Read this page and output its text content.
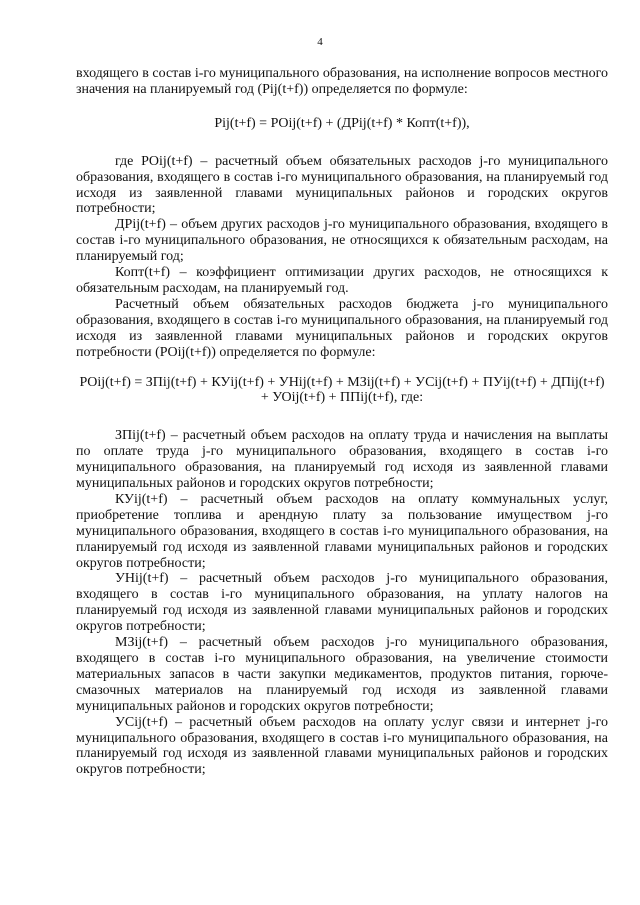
4

входящего в состав i-го муниципального образования, на исполнение вопросов местного значения на планируемый год (Pij(t+f)) определяется по формуле:

Pij(t+f) = POij(t+f) + (ДPij(t+f) * Копт(t+f)),

где POij(t+f) – расчетный объем обязательных расходов j-го муниципального образования, входящего в состав i-го муниципального образования, на планируемый год исходя из заявленной главами муниципальных районов и городских округов потребности;

ДPij(t+f) – объем других расходов j-го муниципального образования, входящего в состав i-го муниципального образования, не относящихся к обязательным расходам, на планируемый год;

Копт(t+f) – коэффициент оптимизации других расходов, не относящихся к обязательным расходам, на планируемый год.

Расчетный объем обязательных расходов бюджета j-го муниципального образования, входящего в состав i-го муниципального образования, на планируемый год исходя из заявленной главами муниципальных районов и городских округов потребности (POij(t+f)) определяется по формуле:

POij(t+f) = ЗПij(t+f) + КУij(t+f) + УНij(t+f) + МЗij(t+f) + УСij(t+f) + ПУij(t+f) + ДПij(t+f) + УОij(t+f) + ППij(t+f), где:

ЗПij(t+f) – расчетный объем расходов на оплату труда и начисления на выплаты по оплате труда j-го муниципального образования, входящего в состав i-го муниципального образования, на планируемый год исходя из заявленной главами муниципальных районов и городских округов потребности;

КУij(t+f) – расчетный объем расходов на оплату коммунальных услуг, приобретение топлива и арендную плату за пользование имуществом j-го муниципального образования, входящего в состав i-го муниципального образования, на планируемый год исходя из заявленной главами муниципальных районов и городских округов потребности;

УНij(t+f) – расчетный объем расходов j-го муниципального образования, входящего в состав i-го муниципального образования, на уплату налогов на планируемый год исходя из заявленной главами муниципальных районов и городских округов потребности;

МЗij(t+f) – расчетный объем расходов j-го муниципального образования, входящего в состав i-го муниципального образования, на увеличение стоимости материальных запасов в части закупки медикаментов, продуктов питания, горюче-смазочных материалов на планируемый год исходя из заявленной главами муниципальных районов и городских округов потребности;

УСij(t+f) – расчетный объем расходов на оплату услуг связи и интернет j-го муниципального образования, входящего в состав i-го муниципального образования, на планируемый год исходя из заявленной главами муниципальных районов и городских округов потребности;
